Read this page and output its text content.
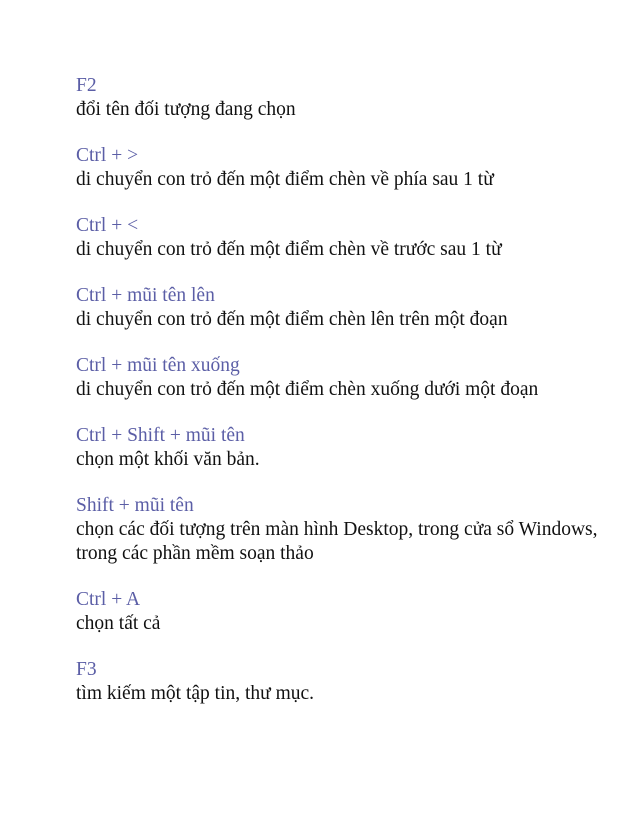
F2
đổi tên đối tượng đang chọn
Ctrl + >
di chuyển con trỏ đến một điểm chèn về phía sau 1 từ
Ctrl + <
di chuyển con trỏ đến một điểm chèn về trước sau 1 từ
Ctrl + mũi tên lên
di chuyển con trỏ đến một điểm chèn lên trên một đoạn
Ctrl + mũi tên xuống
di chuyển con trỏ đến một điểm chèn xuống dưới một đoạn
Ctrl + Shift + mũi tên
chọn một khối văn bản.
Shift + mũi tên
chọn các đối tượng trên màn hình Desktop, trong cửa sổ Windows, trong các phần mềm soạn thảo
Ctrl + A
chọn tất cả
F3
tìm kiếm một tập tin, thư mục.
